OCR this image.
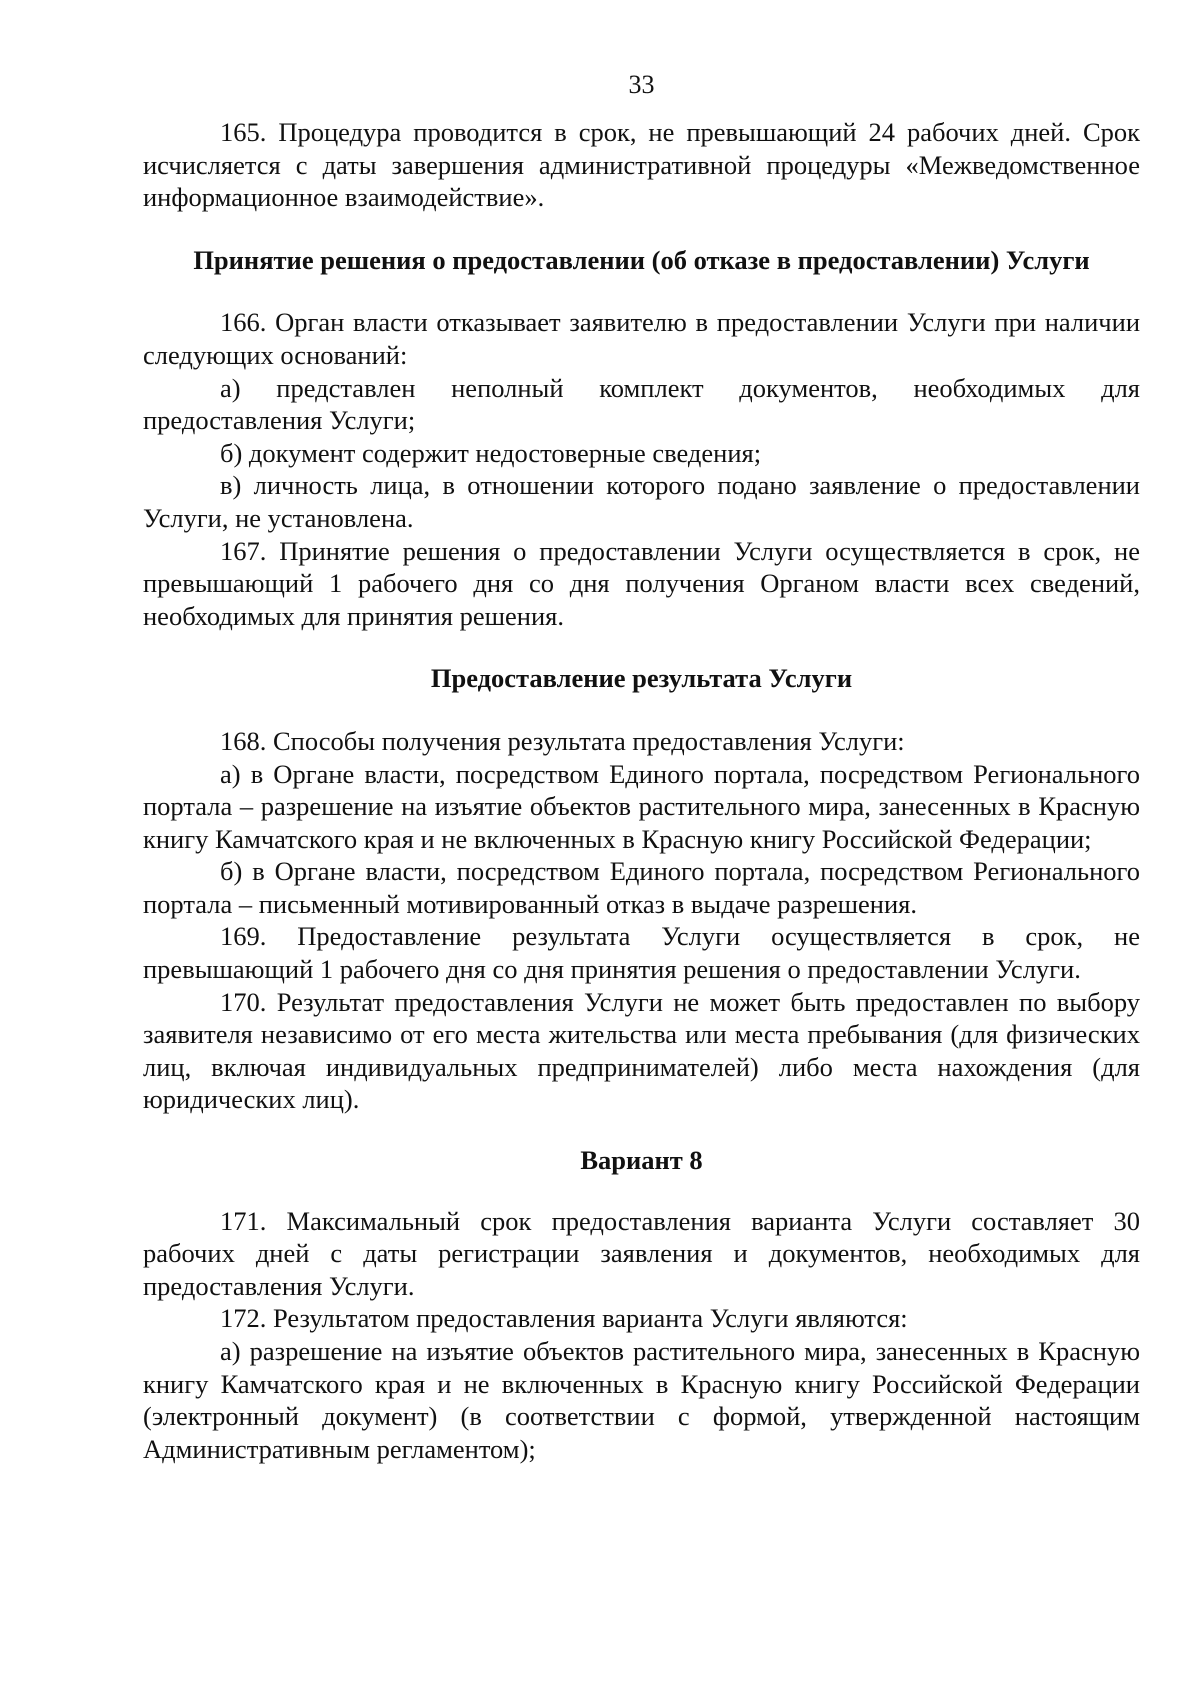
33

165. Процедура проводится в срок, не превышающий 24 рабочих дней. Срок исчисляется с даты завершения административной процедуры «Межведомственное информационное взаимодействие».

Принятие решения о предоставлении (об отказе в предоставлении) Услуги

166. Орган власти отказывает заявителю в предоставлении Услуги при наличии следующих оснований:

а) представлен неполный комплект документов, необходимых для предоставления Услуги;

б) документ содержит недостоверные сведения;

в) личность лица, в отношении которого подано заявление о предоставлении Услуги, не установлена.

167. Принятие решения о предоставлении Услуги осуществляется в срок, не превышающий 1 рабочего дня со дня получения Органом власти всех сведений, необходимых для принятия решения.

Предоставление результата Услуги

168. Способы получения результата предоставления Услуги:

а) в Органе власти, посредством Единого портала, посредством Регионального портала – разрешение на изъятие объектов растительного мира, занесенных в Красную книгу Камчатского края и не включенных в Красную книгу Российской Федерации;

б) в Органе власти, посредством Единого портала, посредством Регионального портала – письменный мотивированный отказ в выдаче разрешения.

169. Предоставление результата Услуги осуществляется в срок, не превышающий 1 рабочего дня со дня принятия решения о предоставлении Услуги.

170. Результат предоставления Услуги не может быть предоставлен по выбору заявителя независимо от его места жительства или места пребывания (для физических лиц, включая индивидуальных предпринимателей) либо места нахождения (для юридических лиц).

Вариант 8

171. Максимальный срок предоставления варианта Услуги составляет 30 рабочих дней с даты регистрации заявления и документов, необходимых для предоставления Услуги.

172. Результатом предоставления варианта Услуги являются:

а) разрешение на изъятие объектов растительного мира, занесенных в Красную книгу Камчатского края и не включенных в Красную книгу Российской Федерации (электронный документ) (в соответствии с формой, утвержденной настоящим Административным регламентом);
